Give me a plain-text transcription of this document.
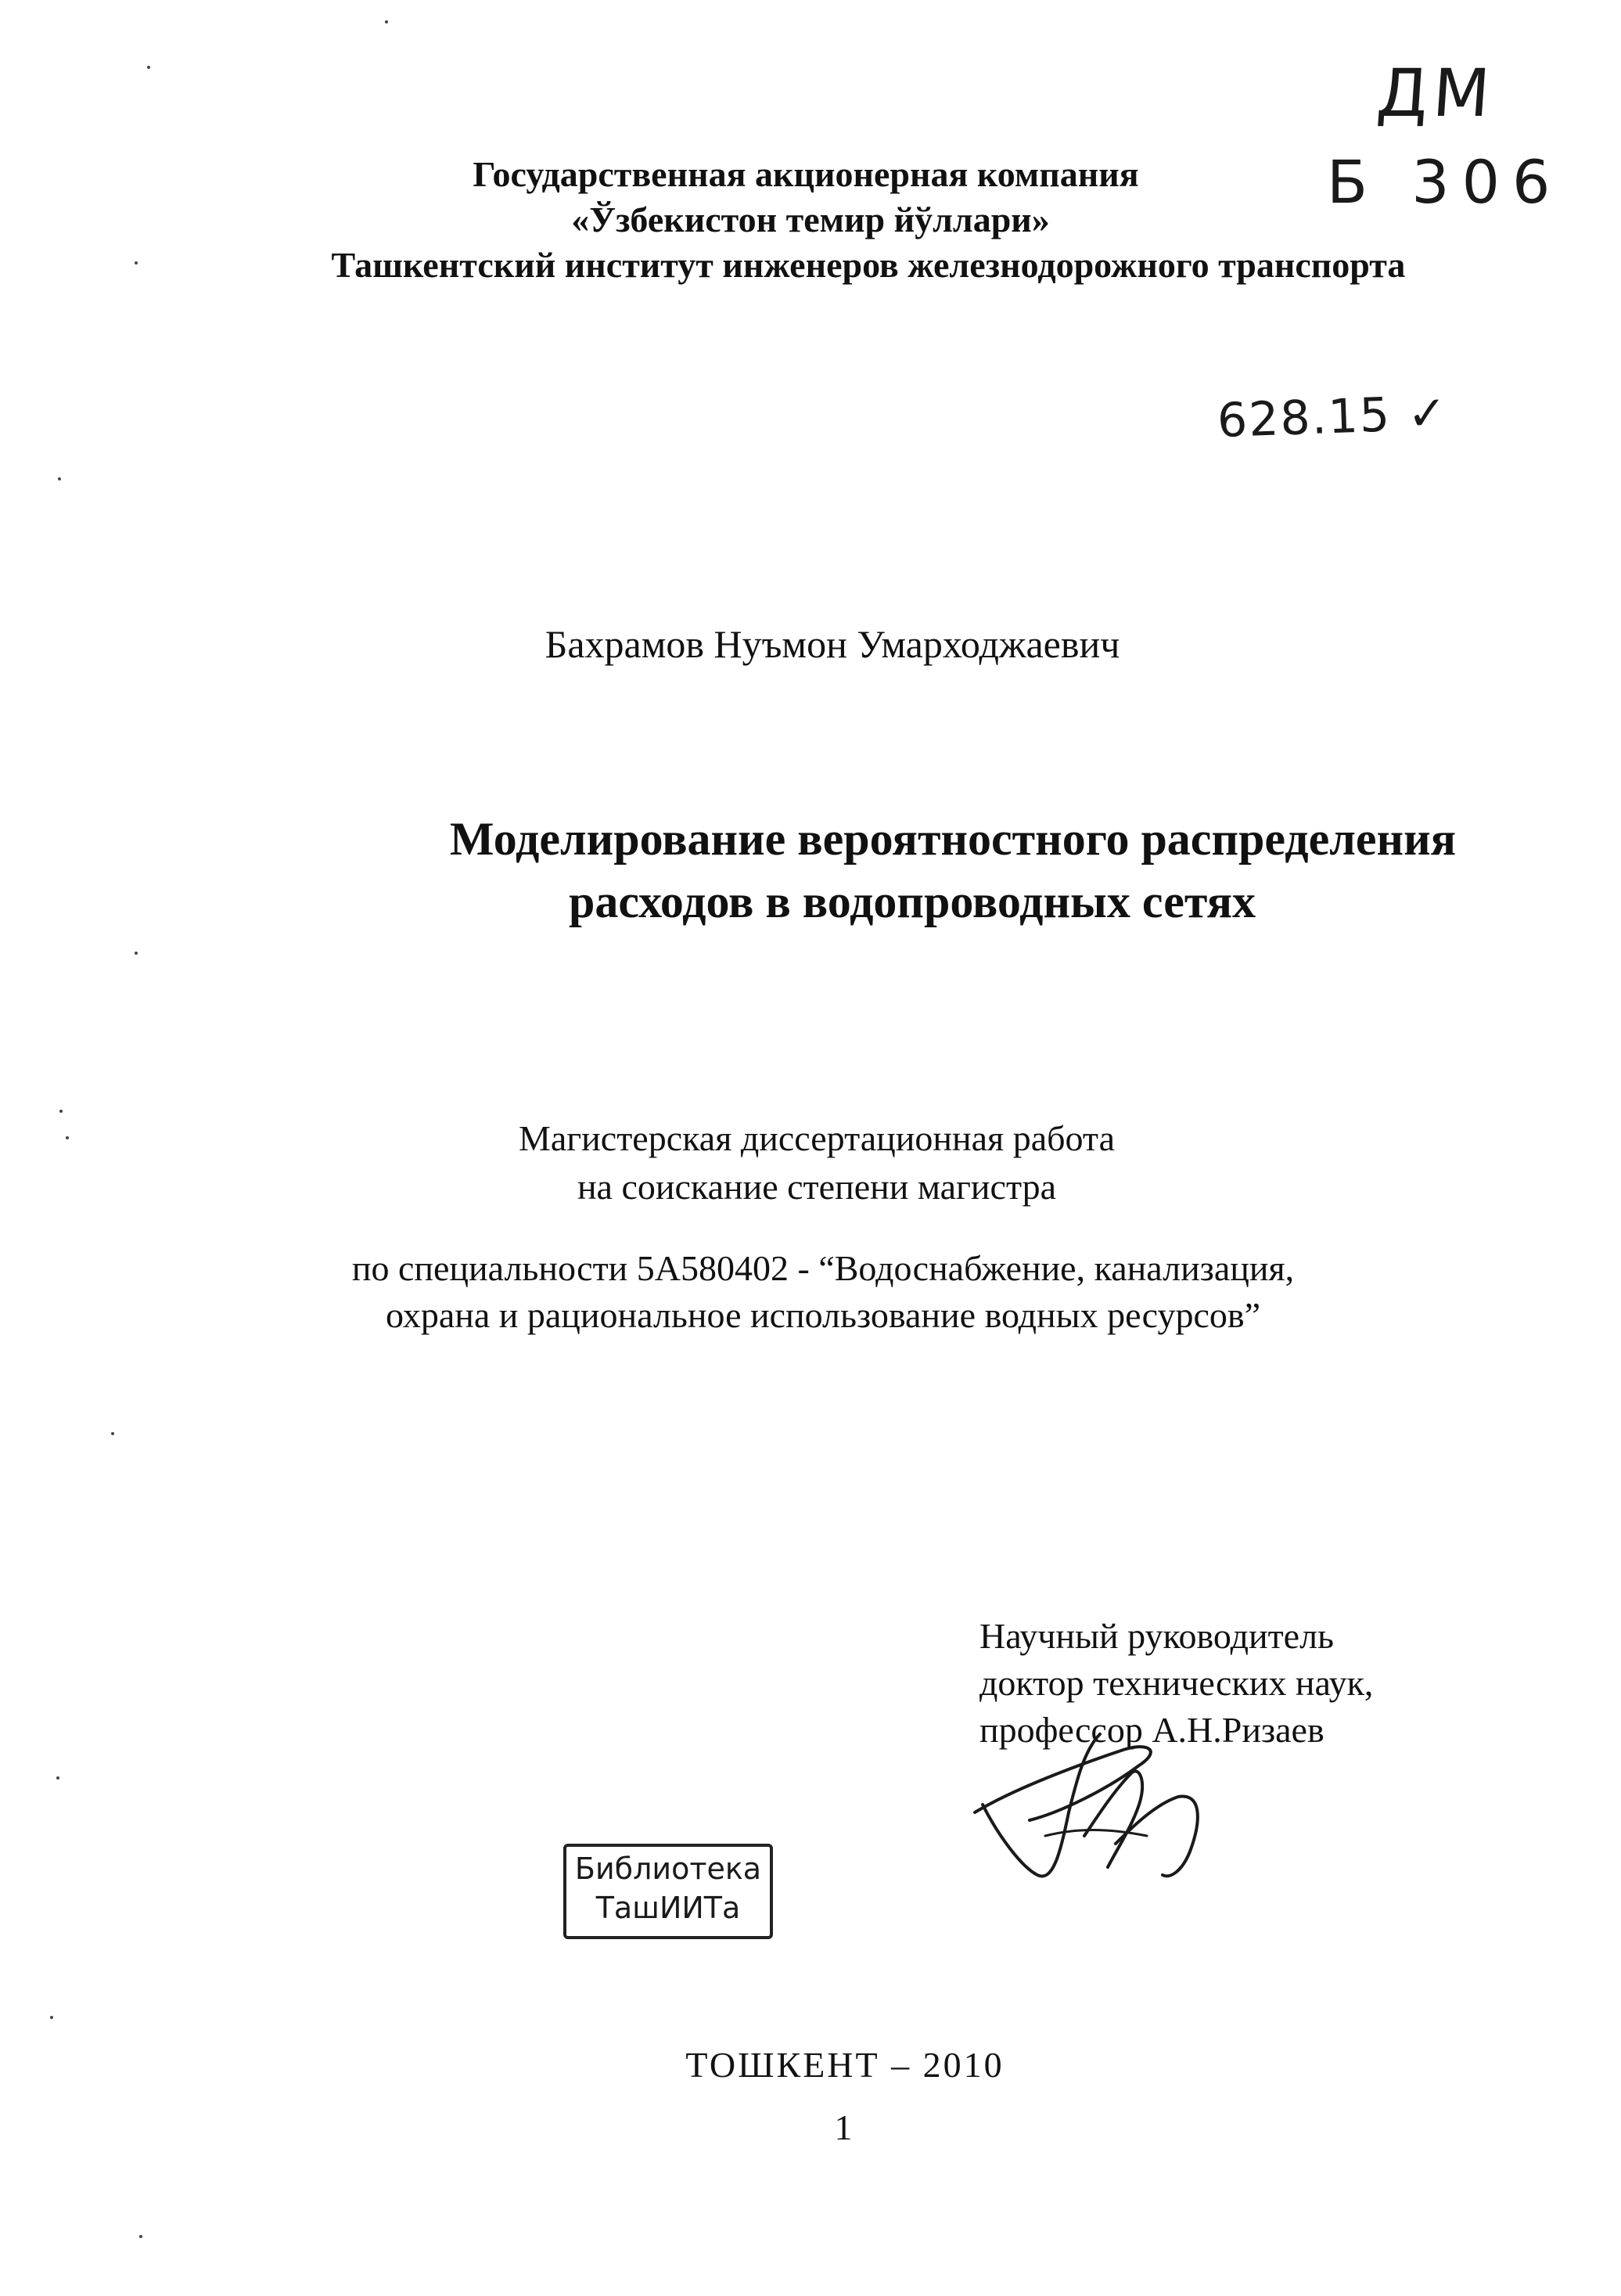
ДМ
Б 306
Государственная акционерная компания
«Ўзбекистон темир йўллари»
Ташкентский институт инженеров железнодорожного транспорта
628.15 ✓
Бахрамов Нуъмон Умарходжаевич
Моделирование вероятностного распределения
расходов в водопроводных сетях
Магистерская диссертационная работа
на соискание степени магистра
по специальности 5А580402 - “Водоснабжение, канализация,
охрана и рациональное использование водных ресурсов”
Научный руководитель
доктор технических наук,
профессор А.Н.Ризаев
Библиотека
ТашИИТа
ТОШКЕНТ – 2010
1
